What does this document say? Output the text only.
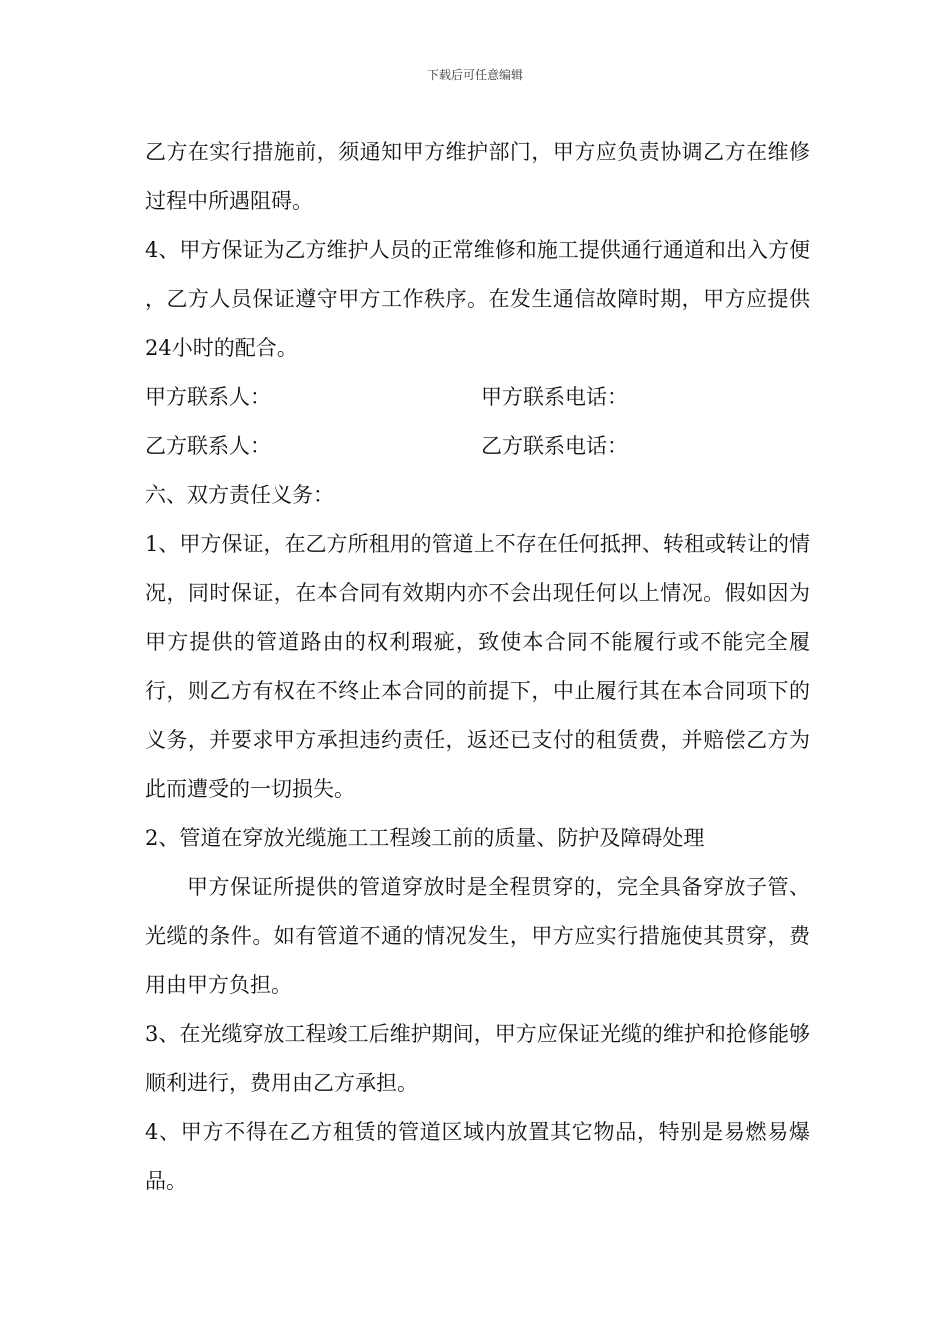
下载后可任意编辑

乙方在实行措施前，须通知甲方维护部门，甲方应负责协调乙方在维修过程中所遇阻碍。

4、甲方保证为乙方维护人员的正常维修和施工提供通行通道和出入方便 ，乙方人员保证遵守甲方工作秩序。在发生通信故障时期，甲方应提供24小时的配合。

甲方联系人：	甲方联系电话：
乙方联系人：	乙方联系电话：

六、双方责任义务：

1、甲方保证，在乙方所租用的管道上不存在任何抵押、转租或转让的情况，同时保证，在本合同有效期内亦不会出现任何以上情况。假如因为甲方提供的管道路由的权利瑕疵，致使本合同不能履行或不能完全履行，则乙方有权在不终止本合同的前提下，中止履行其在本合同项下的义务，并要求甲方承担违约责任，返还已支付的租赁费，并赔偿乙方为此而遭受的一切损失。

2、管道在穿放光缆施工工程竣工前的质量、防护及障碍处理

甲方保证所提供的管道穿放时是全程贯穿的，完全具备穿放子管、光缆的条件。如有管道不通的情况发生，甲方应实行措施使其贯穿，费用由甲方负担。

3、在光缆穿放工程竣工后维护期间，甲方应保证光缆的维护和抢修能够顺利进行，费用由乙方承担。

4、甲方不得在乙方租赁的管道区域内放置其它物品，特别是易燃易爆品。
